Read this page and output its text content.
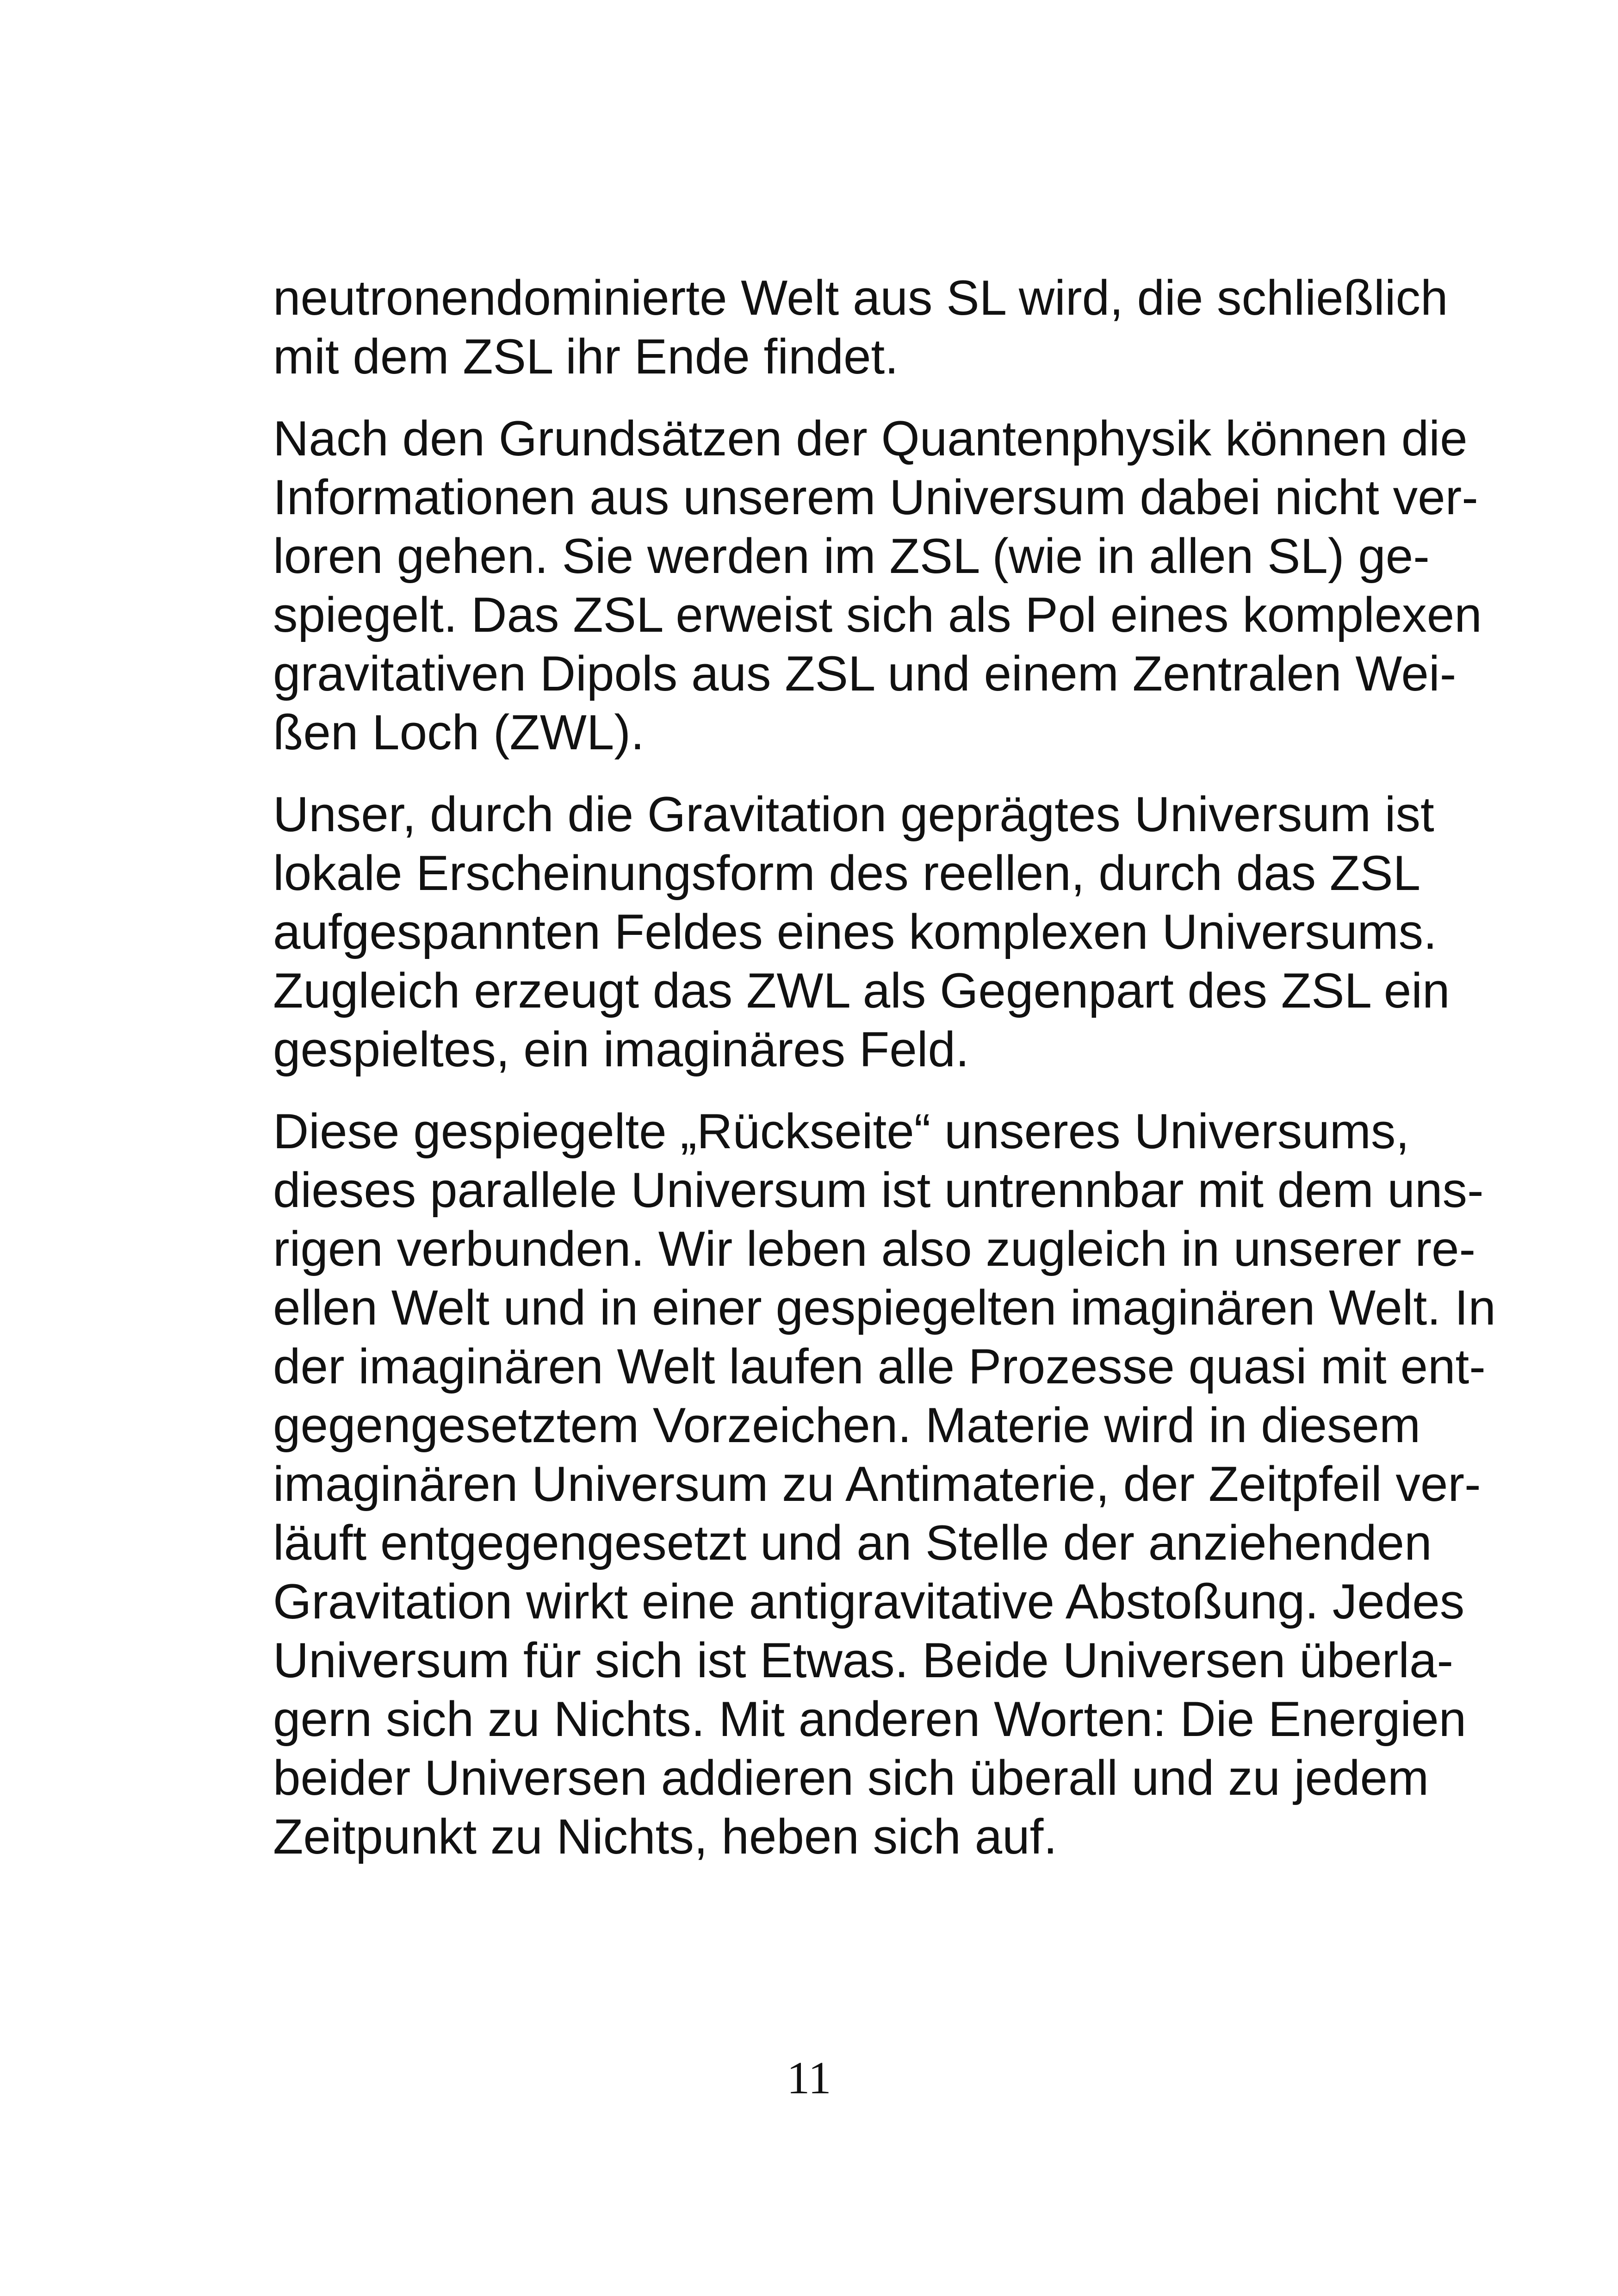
neutronendominierte Welt aus SL wird, die schließlich
mit dem ZSL ihr Ende findet.
Nach den Grundsätzen der Quantenphysik können die
Informationen aus unserem Universum dabei nicht ver-
loren gehen. Sie werden im ZSL (wie in allen SL) ge-
spiegelt. Das ZSL erweist sich als Pol eines komplexen
gravitativen Dipols aus ZSL und einem Zentralen Wei-
ßen Loch (ZWL).
Unser, durch die Gravitation geprägtes Universum ist
lokale Erscheinungsform des reellen, durch das ZSL
aufgespannten Feldes eines komplexen Universums.
Zugleich erzeugt das ZWL als Gegenpart des ZSL ein
gespieltes, ein imaginäres Feld.
Diese gespiegelte „Rückseite“ unseres Universums,
dieses parallele Universum ist untrennbar mit dem uns-
rigen verbunden. Wir leben also zugleich in unserer re-
ellen Welt und in einer gespiegelten imaginären Welt. In
der imaginären Welt laufen alle Prozesse quasi mit ent-
gegengesetztem Vorzeichen. Materie wird in diesem
imaginären Universum zu Antimaterie, der Zeitpfeil ver-
läuft entgegengesetzt und an Stelle der anziehenden
Gravitation wirkt eine antigravitative Abstoßung. Jedes
Universum für sich ist Etwas. Beide Universen überla-
gern sich zu Nichts. Mit anderen Worten: Die Energien
beider Universen addieren sich überall und zu jedem
Zeitpunkt zu Nichts, heben sich auf.
11
